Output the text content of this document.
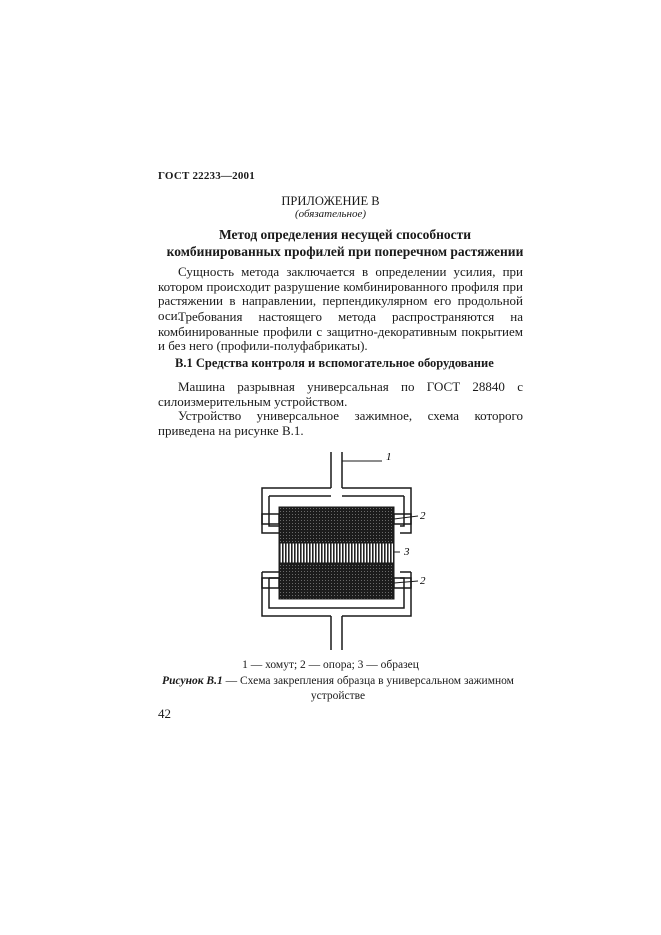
ГОСТ 22233—2001
ПРИЛОЖЕНИЕ В
(обязательное)
Метод определения несущей способности
комбинированных профилей при поперечном растяжении
Сущность метода заключается в определении усилия, при котором происходит разрушение комбинированного профиля при растяжении в направлении, перпендикулярном его продольной оси.
Требования настоящего метода распространяются на комбинированные профили с защитно-декоративным покрытием и без него (профили-полуфабрикаты).
В.1 Средства контроля и вспомогательное оборудование
Машина разрывная универсальная по ГОСТ 28840 с силоизмерительным устройством.
Устройство универсальное зажимное, схема которого приведена на рисунке В.1.
1
2
3
2
1 — хомут; 2 — опора; 3 — образец
Рисунок В.1 — Схема закрепления образца в универсальном зажимном устройстве
42
